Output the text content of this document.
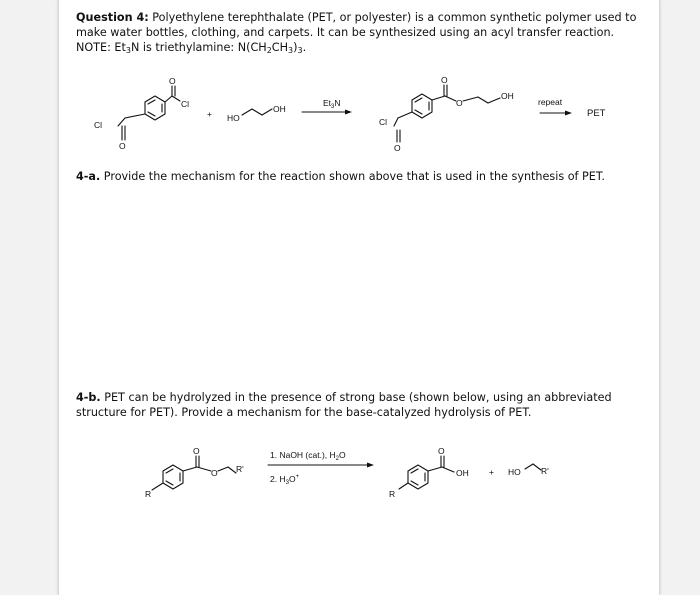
Question 4: Polyethylene terephthalate (PET, or polyester) is a common synthetic polymer used to make water bottles, clothing, and carpets. It can be synthesized using an acyl transfer reaction. NOTE: $Et_3N$ is triethylamine: $N(CH_2CH_3)_3$.
4-a. Provide the mechanism for the reaction shown above that is used in the synthesis of PET.
4-b. PET can be hydrolyzed in the presence of strong base (shown below, using an abbreviated structure for PET). Provide a mechanism for the base-catalyzed hydrolysis of PET.
O
Cl
Cl
O
+ HO
OH
$Et_3N$
O
O
OH
Cl
O
repeat
PET
O
O R'
R
1. NaOH (cat.), $H_2O$
2. $H_3O^+$
O
OH
R
+ HO R'
